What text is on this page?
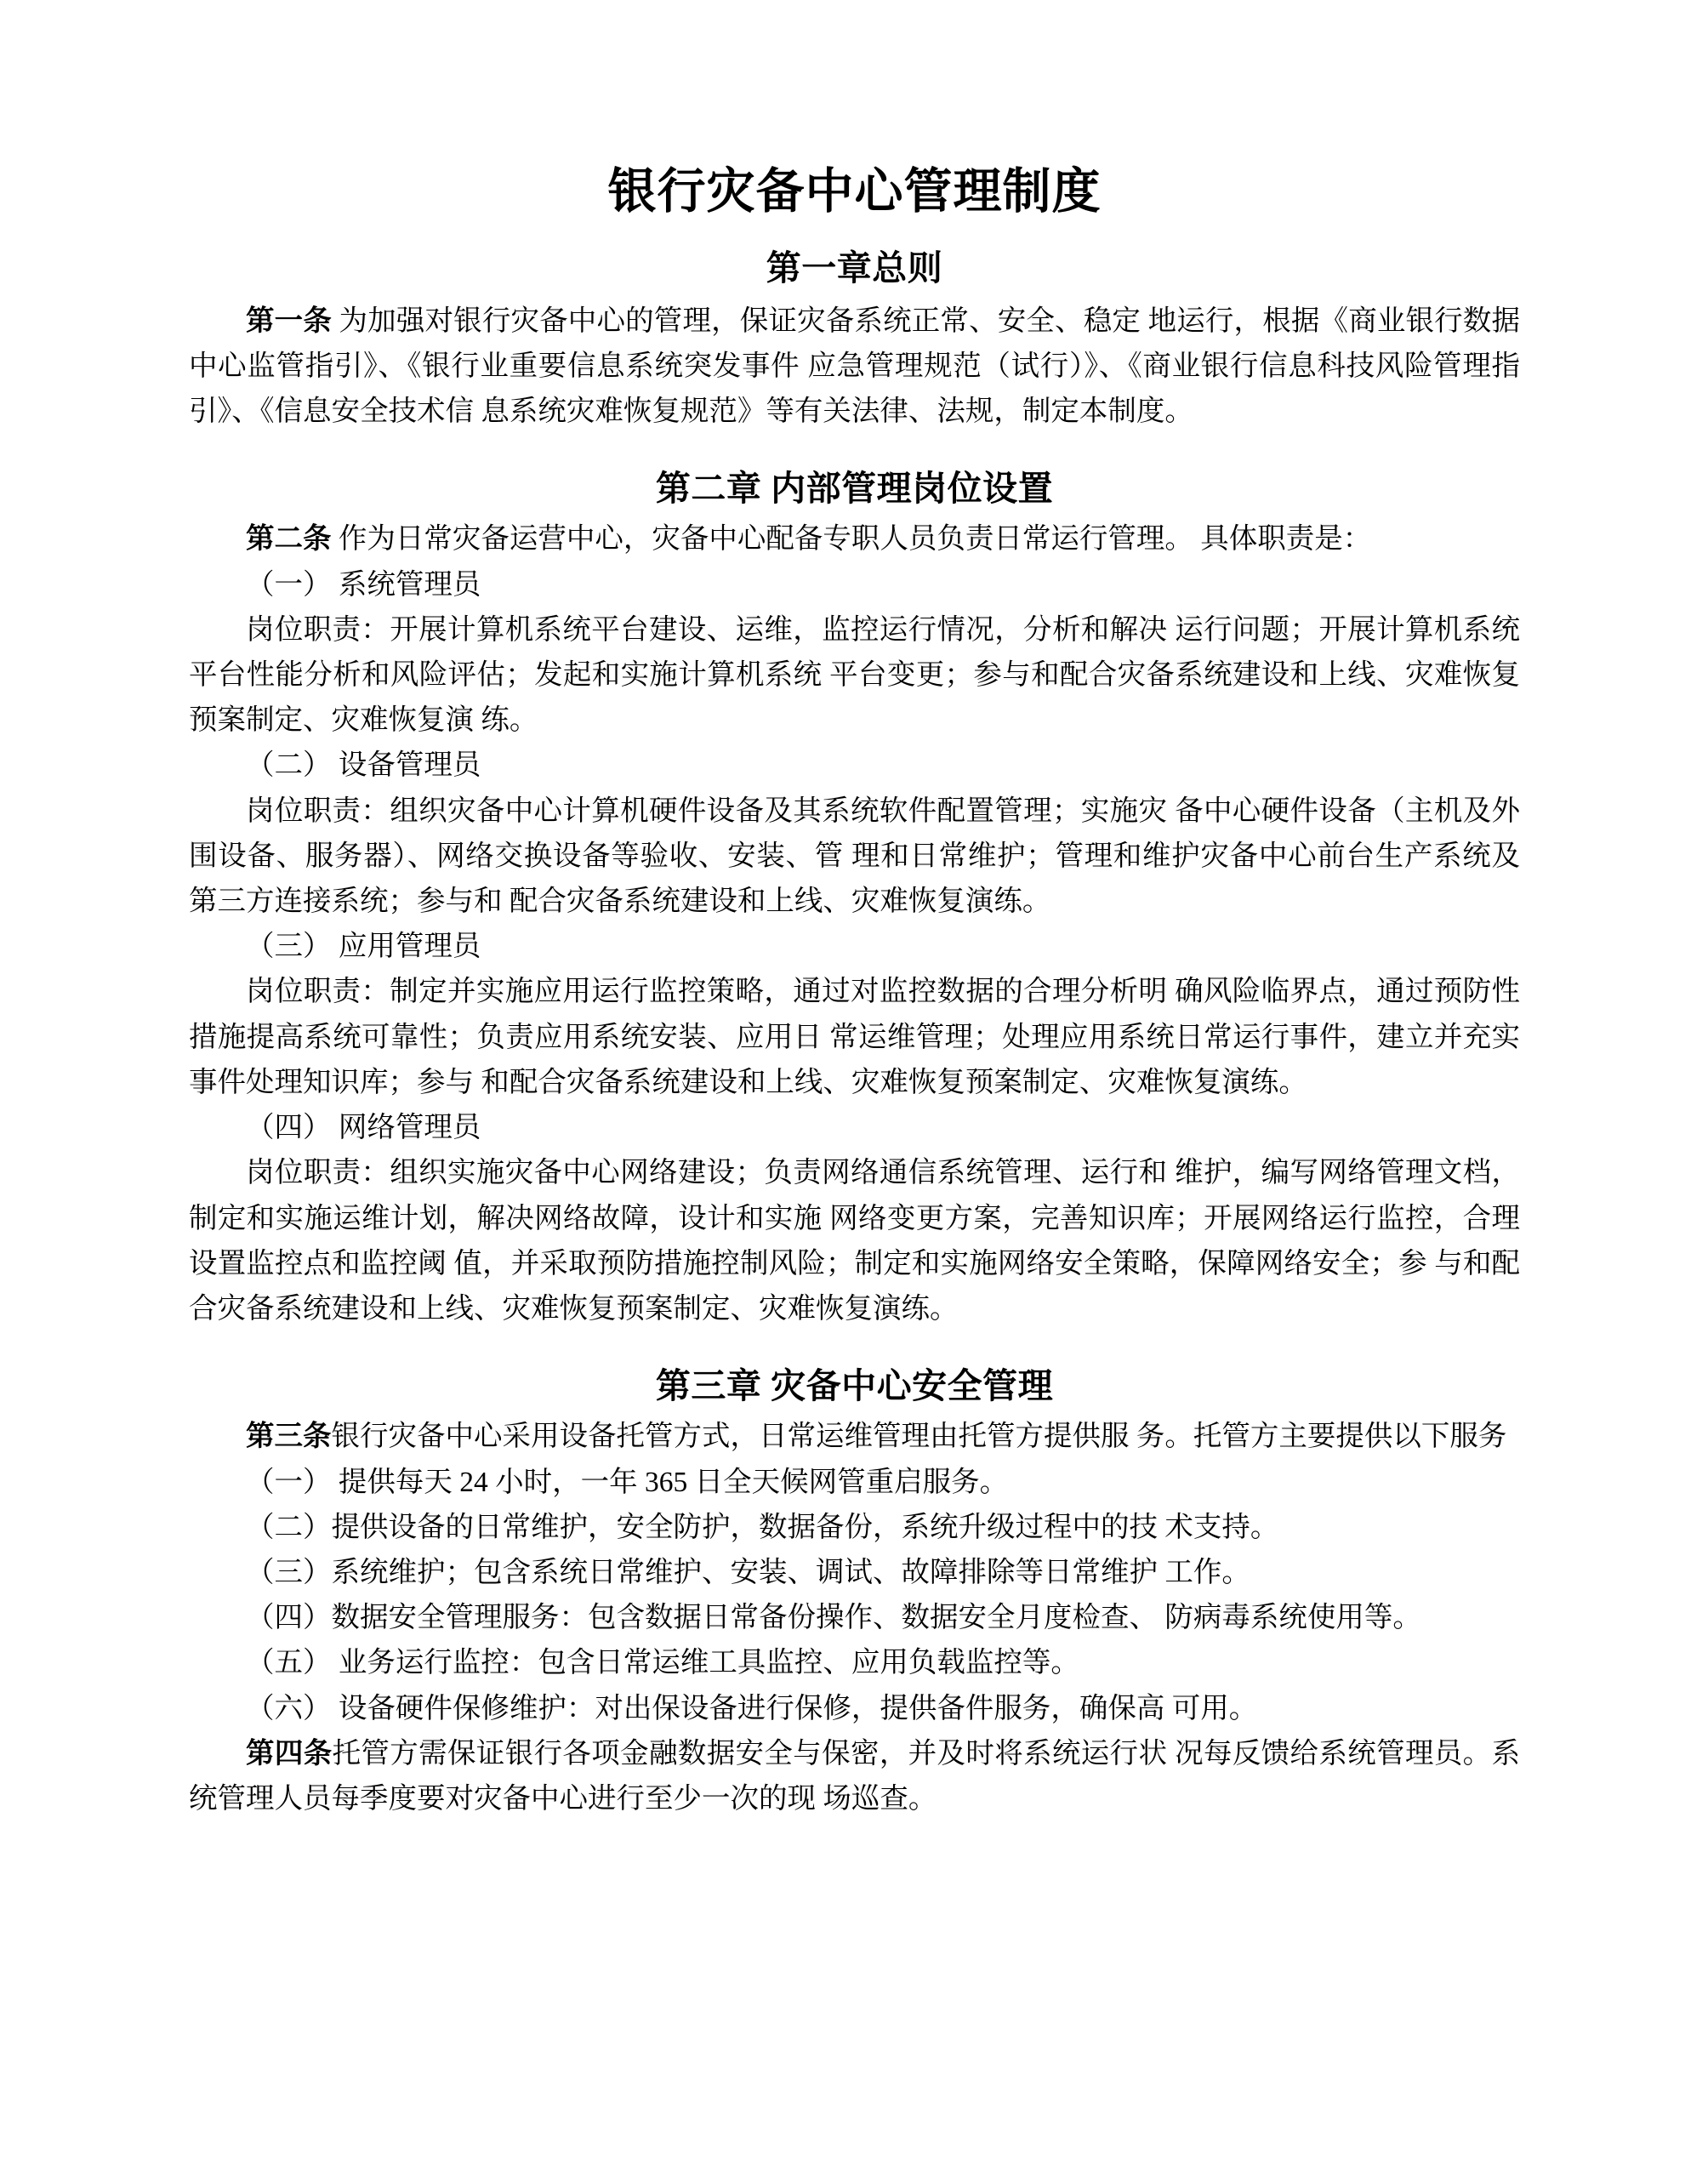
银行灾备中心管理制度
第一章总则

第一条 为加强对银行灾备中心的管理，保证灾备系统正常、安全、稳定 地运行，根据《商业银行数据中心监管指引》、《银行业重要信息系统突发事件 应急管理规范（试行）》、《商业银行信息科技风险管理指引》、《信息安全技术信 息系统灾难恢复规范》等有关法律、法规，制定本制度。

第二章 内部管理岗位设置

第二条 作为日常灾备运营中心，灾备中心配备专职人员负责日常运行管理。 具体职责是：

（一） 系统管理员

岗位职责：开展计算机系统平台建设、运维，监控运行情况，分析和解决 运行问题；开展计算机系统平台性能分析和风险评估；发起和实施计算机系统 平台变更；参与和配合灾备系统建设和上线、灾难恢复预案制定、灾难恢复演 练。

（二） 设备管理员

岗位职责：组织灾备中心计算机硬件设备及其系统软件配置管理；实施灾 备中心硬件设备（主机及外围设备、服务器）、网络交换设备等验收、安装、管 理和日常维护；管理和维护灾备中心前台生产系统及第三方连接系统；参与和 配合灾备系统建设和上线、灾难恢复演练。

（三） 应用管理员

岗位职责：制定并实施应用运行监控策略，通过对监控数据的合理分析明 确风险临界点，通过预防性措施提高系统可靠性；负责应用系统安装、应用日 常运维管理；处理应用系统日常运行事件，建立并充实事件处理知识库；参与 和配合灾备系统建设和上线、灾难恢复预案制定、灾难恢复演练。

（四） 网络管理员

岗位职责：组织实施灾备中心网络建设；负责网络通信系统管理、运行和 维护，编写网络管理文档，制定和实施运维计划，解决网络故障，设计和实施 网络变更方案，完善知识库；开展网络运行监控，合理设置监控点和监控阈 值，并采取预防措施控制风险；制定和实施网络安全策略，保障网络安全；参 与和配合灾备系统建设和上线、灾难恢复预案制定、灾难恢复演练。

第三章 灾备中心安全管理

第三条银行灾备中心采用设备托管方式，日常运维管理由托管方提供服 务。托管方主要提供以下服务

（一） 提供每天 24 小时，一年 365 日全天候网管重启服务。

（二）提供设备的日常维护，安全防护，数据备份，系统升级过程中的技 术支持。

（三）系统维护；包含系统日常维护、安装、调试、故障排除等日常维护 工作。

（四）数据安全管理服务：包含数据日常备份操作、数据安全月度检查、 防病毒系统使用等。

（五） 业务运行监控：包含日常运维工具监控、应用负载监控等。

（六） 设备硬件保修维护：对出保设备进行保修，提供备件服务，确保高 可用。

第四条托管方需保证银行各项金融数据安全与保密，并及时将系统运行状 况每反馈给系统管理员。系统管理人员每季度要对灾备中心进行至少一次的现 场巡查。
